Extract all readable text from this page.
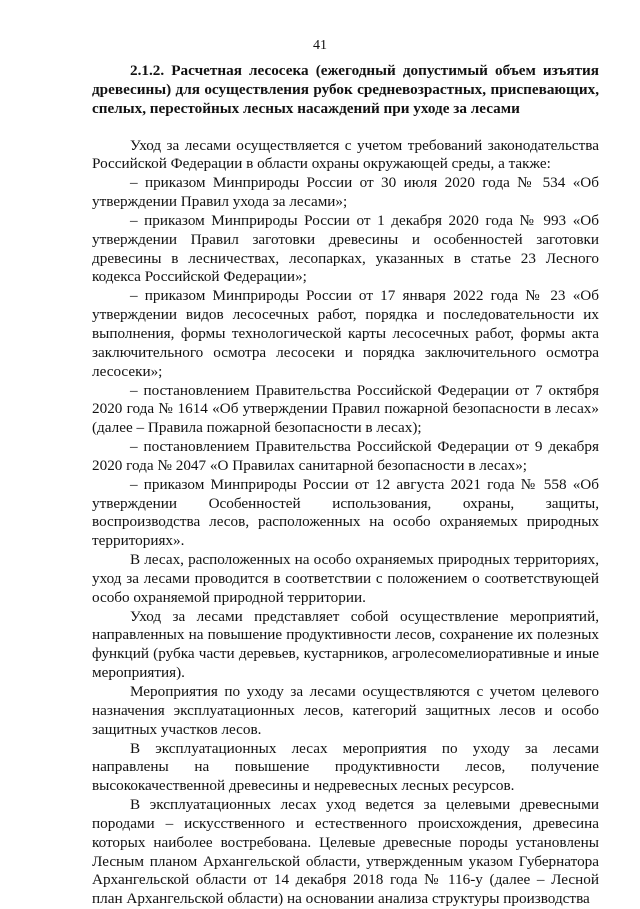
41

2.1.2. Расчетная лесосека (ежегодный допустимый объем изъятия древесины) для осуществления рубок средневозрастных, приспевающих, спелых, перестойных лесных насаждений при уходе за лесами

Уход за лесами осуществляется с учетом требований законодательства Российской Федерации в области охраны окружающей среды, а также:

– приказом Минприроды России от 30 июля 2020 года № 534 «Об утверждении Правил ухода за лесами»;

– приказом Минприроды России от 1 декабря 2020 года № 993 «Об утверждении Правил заготовки древесины и особенностей заготовки древесины в лесничествах, лесопарках, указанных в статье 23 Лесного кодекса Российской Федерации»;

– приказом Минприроды России от 17 января 2022 года № 23 «Об утверждении видов лесосечных работ, порядка и последовательности их выполнения, формы технологической карты лесосечных работ, формы акта заключительного осмотра лесосеки и порядка заключительного осмотра лесосеки»;

– постановлением Правительства Российской Федерации от 7 октября 2020 года № 1614 «Об утверждении Правил пожарной безопасности в лесах» (далее – Правила пожарной безопасности в лесах);

– постановлением Правительства Российской Федерации от 9 декабря 2020 года № 2047 «О Правилах санитарной безопасности в лесах»;

– приказом Минприроды России от 12 августа 2021 года № 558 «Об утверждении Особенностей использования, охраны, защиты, воспроизводства лесов, расположенных на особо охраняемых природных территориях».

В лесах, расположенных на особо охраняемых природных территориях, уход за лесами проводится в соответствии с положением о соответствующей особо охраняемой природной территории.

Уход за лесами представляет собой осуществление мероприятий, направленных на повышение продуктивности лесов, сохранение их полезных функций (рубка части деревьев, кустарников, агролесомелиоративные и иные мероприятия).

Мероприятия по уходу за лесами осуществляются с учетом целевого назначения эксплуатационных лесов, категорий защитных лесов и особо защитных участков лесов.

В эксплуатационных лесах мероприятия по уходу за лесами направлены на повышение продуктивности лесов, получение высококачественной древесины и недревесных лесных ресурсов.

В эксплуатационных лесах уход ведется за целевыми древесными породами – искусственного и естественного происхождения, древесина которых наиболее востребована. Целевые древесные породы установлены Лесным планом Архангельской области, утвержденным указом Губернатора Архангельской области от 14 декабря 2018 года № 116-у (далее – Лесной план Архангельской области) на основании анализа структуры производства
